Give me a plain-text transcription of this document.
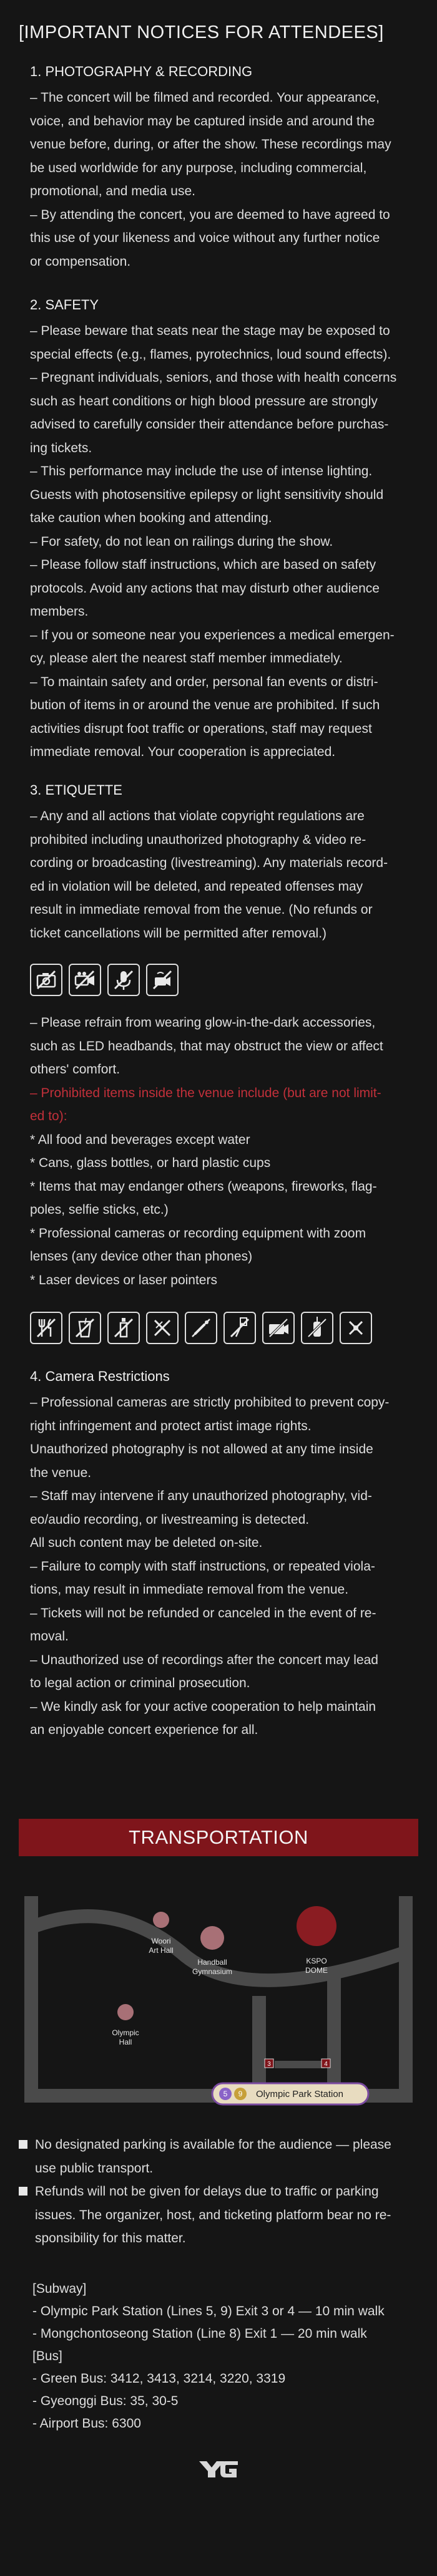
[IMPORTANT NOTICES FOR ATTENDEES]
1. PHOTOGRAPHY & RECORDING

– The concert will be filmed and recorded. Your appearance,

voice, and behavior may be captured inside and around the

venue before, during, or after the show. These recordings may

be used worldwide for any purpose, including commercial,

promotional, and media use.

– By attending the concert, you are deemed to have agreed to

this use of your likeness and voice without any further notice

or compensation.

2. SAFETY

– Please beware that seats near the stage may be exposed to

special effects (e.g., flames, pyrotechnics, loud sound effects).

– Pregnant individuals, seniors, and those with health concerns

such as heart conditions or high blood pressure are strongly

advised to carefully consider their attendance before purchas-

ing tickets.

– This performance may include the use of intense lighting.

Guests with photosensitive epilepsy or light sensitivity should

take caution when booking and attending.

– For safety, do not lean on railings during the show.

– Please follow staff instructions, which are based on safety

protocols. Avoid any actions that may disturb other audience

members.

– If you or someone near you experiences a medical emergen-

cy, please alert the nearest staff member immediately.

– To maintain safety and order, personal fan events or distri-

bution of items in or around the venue are prohibited. If such

activities disrupt foot traffic or operations, staff may request

immediate removal. Your cooperation is appreciated.

3. ETIQUETTE

– Any and all actions that violate copyright regulations are

prohibited including unauthorized photography & video re-

cording or broadcasting (livestreaming). Any materials record-

ed in violation will be deleted, and repeated offenses may

result in immediate removal from the venue. (No refunds or

ticket cancellations will be permitted after removal.)

– Please refrain from wearing glow-in-the-dark accessories,

such as LED headbands, that may obstruct the view or affect

others' comfort.

– Prohibited items inside the venue include (but are not limit-

ed to):

* All food and beverages except water

* Cans, glass bottles, or hard plastic cups

* Items that may endanger others (weapons, fireworks, flag-

poles, selfie sticks, etc.)

* Professional cameras or recording equipment with zoom

lenses (any device other than phones)

* Laser devices or laser pointers

4. Camera Restrictions

– Professional cameras are strictly prohibited to prevent copy-

right infringement and protect artist image rights.

Unauthorized photography is not allowed at any time inside

the venue.

– Staff may intervene if any unauthorized photography, vid-

eo/audio recording, or livestreaming is detected.

All such content may be deleted on-site.

– Failure to comply with staff instructions, or repeated viola-

tions, may result in immediate removal from the venue.

– Tickets will not be refunded or canceled in the event of re-

moval.

– Unauthorized use of recordings after the concert may lead

to legal action or criminal prosecution.

– We kindly ask for your active cooperation to help maintain

an enjoyable concert experience for all.

TRANSPORTATION
Woori
Art Hall
Handball
Gymnasium
KSPO
DOME
Olympic
Hall
3	4
5 9 Olympic Park Station
No designated parking is available for the audience — please
use public transport.
Refunds will not be given for delays due to traffic or parking
issues. The organizer, host, and ticketing platform bear no re-
sponsibility for this matter.

[Subway]

- Olympic Park Station (Lines 5, 9) Exit 3 or 4 — 10 min walk

- Mongchontoseong Station (Line 8) Exit 1 — 20 min walk

[Bus]

- Green Bus: 3412, 3413, 3214, 3220, 3319

- Gyeonggi Bus: 35, 30-5

- Airport Bus: 6300
